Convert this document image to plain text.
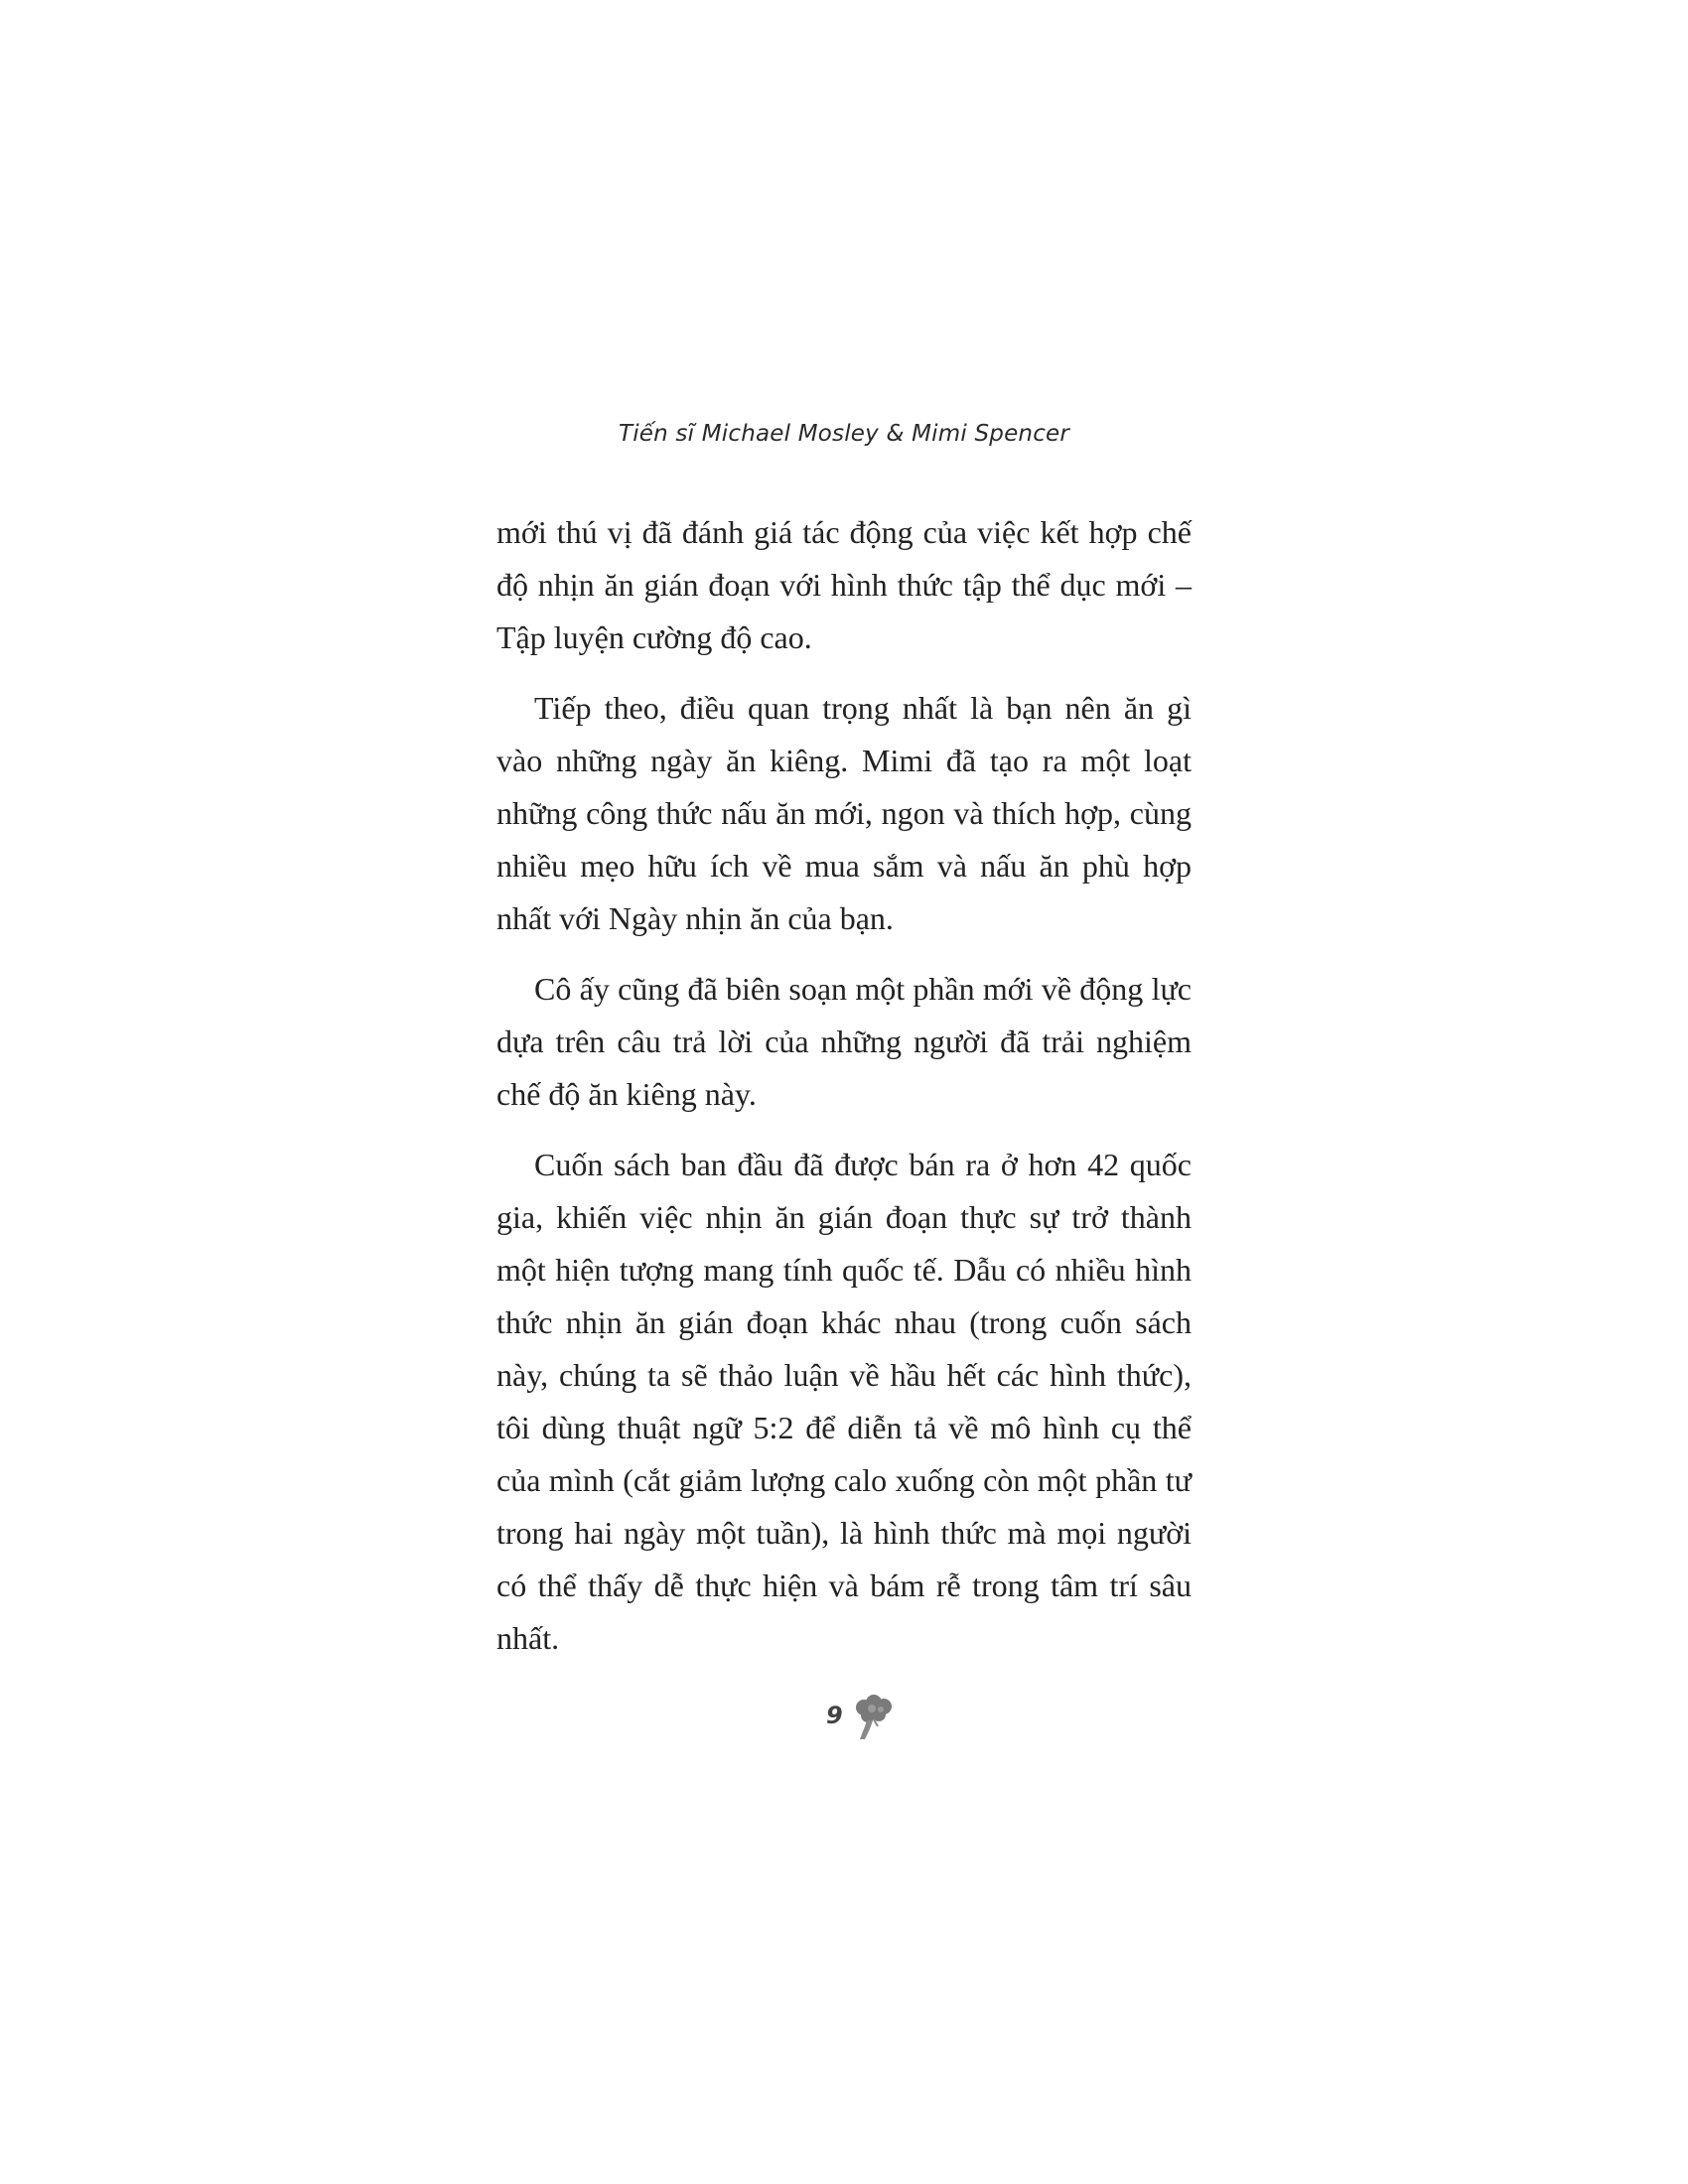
Tiến sĩ Michael Mosley & Mimi Spencer

mới thú vị đã đánh giá tác động của việc kết hợp chế độ nhịn ăn gián đoạn với hình thức tập thể dục mới – Tập luyện cường độ cao.

Tiếp theo, điều quan trọng nhất là bạn nên ăn gì vào những ngày ăn kiêng. Mimi đã tạo ra một loạt những công thức nấu ăn mới, ngon và thích hợp, cùng nhiều mẹo hữu ích về mua sắm và nấu ăn phù hợp nhất với Ngày nhịn ăn của bạn.

Cô ấy cũng đã biên soạn một phần mới về động lực dựa trên câu trả lời của những người đã trải nghiệm chế độ ăn kiêng này.

Cuốn sách ban đầu đã được bán ra ở hơn 42 quốc gia, khiến việc nhịn ăn gián đoạn thực sự trở thành một hiện tượng mang tính quốc tế. Dẫu có nhiều hình thức nhịn ăn gián đoạn khác nhau (trong cuốn sách này, chúng ta sẽ thảo luận về hầu hết các hình thức), tôi dùng thuật ngữ 5:2 để diễn tả về mô hình cụ thể của mình (cắt giảm lượng calo xuống còn một phần tư trong hai ngày một tuần), là hình thức mà mọi người có thể thấy dễ thực hiện và bám rễ trong tâm trí sâu nhất.

9
